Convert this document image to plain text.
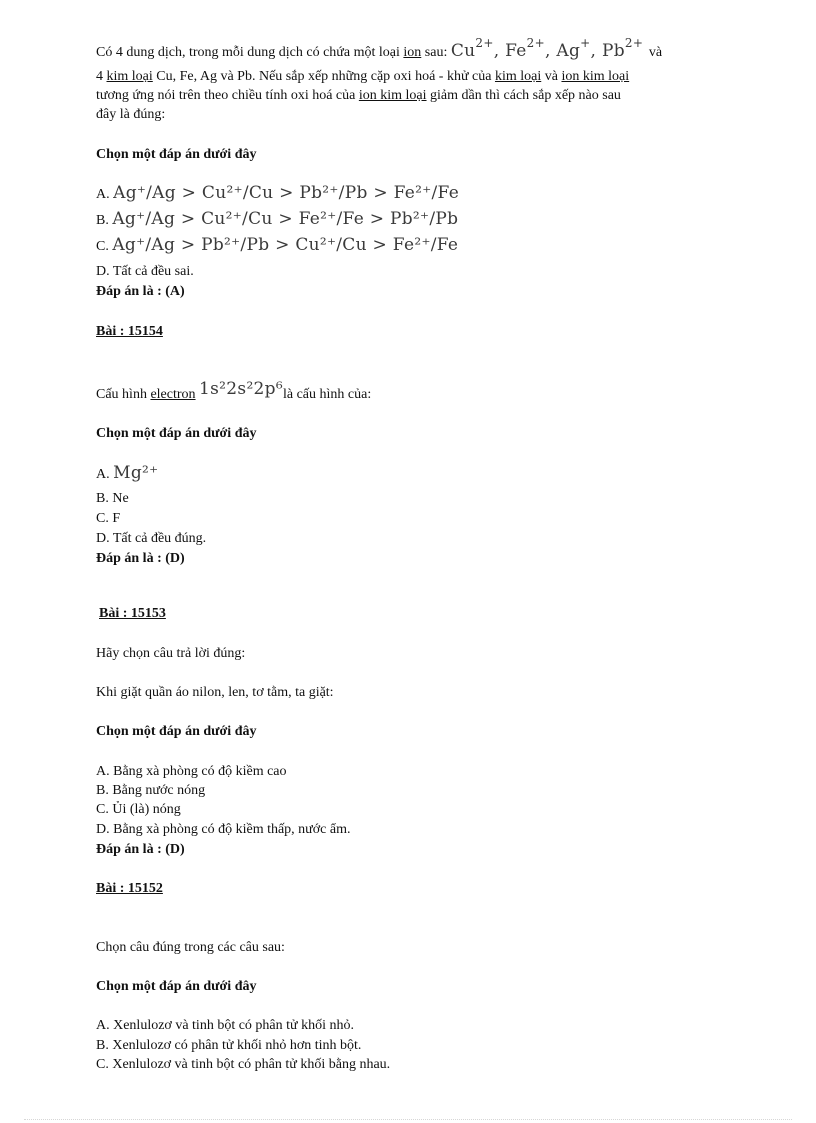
Có 4 dung dịch, trong mỗi dung dịch có chứa một loại ion sau: $Cu^{2+}$, $Fe^{2+}$, Ag+, $Pb^{2+}$ và
4 kim loại Cu, Fe, Ag và Pb. Nếu sắp xếp những cặp oxi hoá - khử của kim loại và ion kim loại
tương ứng nói trên theo chiều tính oxi hoá của ion kim loại giảm dần thì cách sắp xếp nào sau
đây là đúng:
Chọn một đáp án dưới đây
A. Ag⁺/Ag > Cu²⁺/Cu > Pb²⁺/Pb > Fe²⁺/Fe
B. Ag⁺/Ag > Cu²⁺/Cu > Fe²⁺/Fe > Pb²⁺/Pb
C. Ag⁺/Ag > Pb²⁺/Pb > Cu²⁺/Cu > Fe²⁺/Fe
D. Tất cả đều sai.
Đáp án là : (A)
Bài : 15154
Cấu hình electron 1s²2s²2p⁶là cấu hình của:
Chọn một đáp án dưới đây
A. Mg²⁺
B. Ne
C. F
D. Tất cả đều đúng.
Đáp án là : (D)
Bài : 15153
Hãy chọn câu trả lời đúng:
Khi giặt quần áo nilon, len, tơ tằm, ta giặt:
Chọn một đáp án dưới đây
A. Bằng xà phòng có độ kiềm cao
B. Bằng nước nóng
C. Ủi (là) nóng
D. Bằng xà phòng có độ kiềm thấp, nước ẩm.
Đáp án là : (D)
Bài : 15152
Chọn câu đúng trong các câu sau:
Chọn một đáp án dưới đây
A. Xenlulozơ và tinh bột có phân tử khối nhỏ.
B. Xenlulozơ có phân tử khối nhỏ hơn tinh bột.
C. Xenlulozơ và tinh bột có phân tử khối bằng nhau.
